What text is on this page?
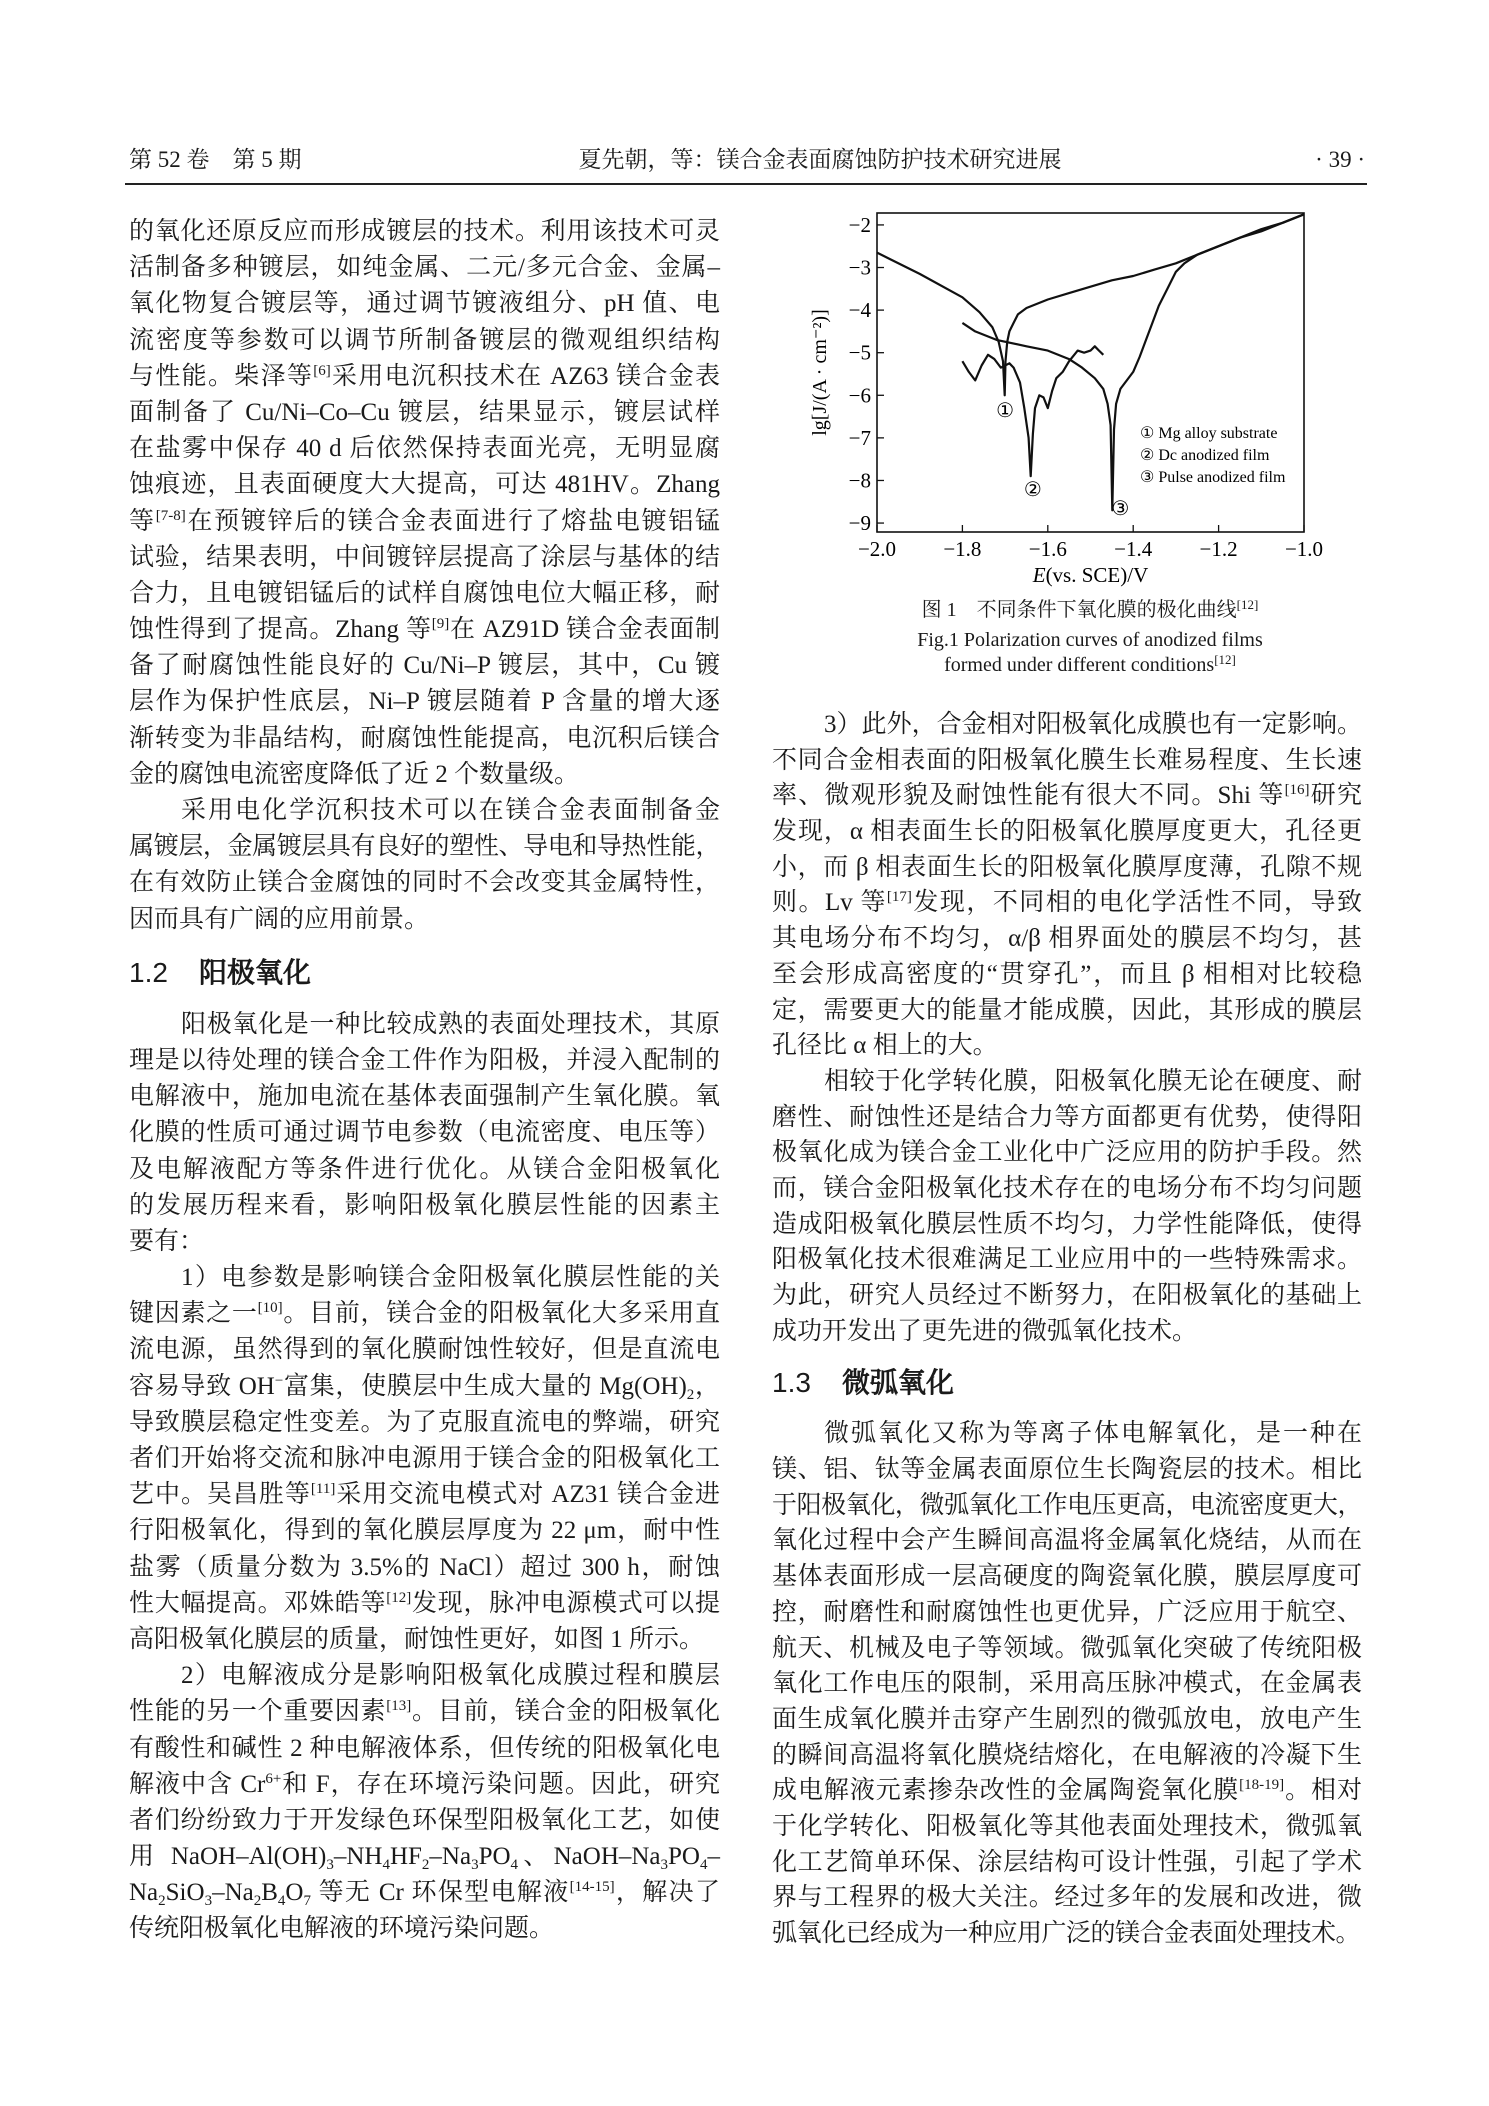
第 52 卷　第 5 期	夏先朝，等：镁合金表面腐蚀防护技术研究进展	· 39 ·
的氧化还原反应而形成镀层的技术。利用该技术可灵
活制备多种镀层，如纯金属、二元/多元合金、金属–
氧化物复合镀层等，通过调节镀液组分、pH 值、电
流密度等参数可以调节所制备镀层的微观组织结构
与性能。柴泽等[6]采用电沉积技术在 AZ63 镁合金表
面制备了 Cu/Ni–Co–Cu 镀层，结果显示，镀层试样
在盐雾中保存 40 d 后依然保持表面光亮，无明显腐
蚀痕迹，且表面硬度大大提高，可达 481HV。Zhang
等[7-8]在预镀锌后的镁合金表面进行了熔盐电镀铝锰
试验，结果表明，中间镀锌层提高了涂层与基体的结
合力，且电镀铝锰后的试样自腐蚀电位大幅正移，耐
蚀性得到了提高。Zhang 等[9]在 AZ91D 镁合金表面制
备了耐腐蚀性能良好的 Cu/Ni–P 镀层，其中，Cu 镀
层作为保护性底层，Ni–P 镀层随着 P 含量的增大逐
渐转变为非晶结构，耐腐蚀性能提高，电沉积后镁合
金的腐蚀电流密度降低了近 2 个数量级。
采用电化学沉积技术可以在镁合金表面制备金
属镀层，金属镀层具有良好的塑性、导电和导热性能，
在有效防止镁合金腐蚀的同时不会改变其金属特性，
因而具有广阔的应用前景。
1.2 阳极氧化
阳极氧化是一种比较成熟的表面处理技术，其原
理是以待处理的镁合金工件作为阳极，并浸入配制的
电解液中，施加电流在基体表面强制产生氧化膜。氧
化膜的性质可通过调节电参数（电流密度、电压等）
及电解液配方等条件进行优化。从镁合金阳极氧化
的发展历程来看，影响阳极氧化膜层性能的因素主
要有：
1）电参数是影响镁合金阳极氧化膜层性能的关
键因素之一[10]。目前，镁合金的阳极氧化大多采用直
流电源，虽然得到的氧化膜耐蚀性较好，但是直流电
容易导致 OH−富集，使膜层中生成大量的 $Mg(OH)_2$，
导致膜层稳定性变差。为了克服直流电的弊端，研究
者们开始将交流和脉冲电源用于镁合金的阳极氧化工
艺中。吴昌胜等[11]采用交流电模式对 AZ31 镁合金进
行阳极氧化，得到的氧化膜层厚度为 22 μm，耐中性
盐雾（质量分数为 3.5%的 NaCl）超过 300 h，耐蚀
性大幅提高。邓姝皓等[12]发现，脉冲电源模式可以提
高阳极氧化膜层的质量，耐蚀性更好，如图 1 所示。
2）电解液成分是影响阳极氧化成膜过程和膜层
性能的另一个重要因素[13]。目前，镁合金的阳极氧化
有酸性和碱性 2 种电解液体系，但传统的阳极氧化电
解液中含 $Cr^{6+}$和 F，存在环境污染问题。因此，研究
者们纷纷致力于开发绿色环保型阳极氧化工艺，如使
用 NaOH–$Al(OH)_3-NH_4HF_2-Na_3PO_4$、NaOH–$Na_3PO_4-$
$Na_2SiO_3-Na_2B_4O_7$ 等无 Cr 环保型电解液[14-15]，解决了
传统阳极氧化电解液的环境污染问题。
3）此外，合金相对阳极氧化成膜也有一定影响。
不同合金相表面的阳极氧化膜生长难易程度、生长速
率、微观形貌及耐蚀性能有很大不同。Shi 等[16]研究
发现，α 相表面生长的阳极氧化膜厚度更大，孔径更
小，而 β 相表面生长的阳极氧化膜厚度薄，孔隙不规
则。Lv 等[17]发现，不同相的电化学活性不同，导致
其电场分布不均匀，α/β 相界面处的膜层不均匀，甚
至会形成高密度的“贯穿孔”，而且 β 相相对比较稳
定，需要更大的能量才能成膜，因此，其形成的膜层
孔径比 α 相上的大。
相较于化学转化膜，阳极氧化膜无论在硬度、耐
磨性、耐蚀性还是结合力等方面都更有优势，使得阳
极氧化成为镁合金工业化中广泛应用的防护手段。然
而，镁合金阳极氧化技术存在的电场分布不均匀问题
造成阳极氧化膜层性质不均匀，力学性能降低，使得
阳极氧化技术很难满足工业应用中的一些特殊需求。
为此，研究人员经过不断努力，在阳极氧化的基础上
成功开发出了更先进的微弧氧化技术。
1.3 微弧氧化
微弧氧化又称为等离子体电解氧化，是一种在
镁、铝、钛等金属表面原位生长陶瓷层的技术。相比
于阳极氧化，微弧氧化工作电压更高，电流密度更大，
氧化过程中会产生瞬间高温将金属氧化烧结，从而在
基体表面形成一层高硬度的陶瓷氧化膜，膜层厚度可
控，耐磨性和耐腐蚀性也更优异，广泛应用于航空、
航天、机械及电子等领域。微弧氧化突破了传统阳极
氧化工作电压的限制，采用高压脉冲模式，在金属表
面生成氧化膜并击穿产生剧烈的微弧放电，放电产生
的瞬间高温将氧化膜烧结熔化，在电解液的冷凝下生
成电解液元素掺杂改性的金属陶瓷氧化膜[18-19]。相对
于化学转化、阳极氧化等其他表面处理技术，微弧氧
化工艺简单环保、涂层结构可设计性强，引起了学术
界与工程界的极大关注。经过多年的发展和改进，微
弧氧化已经成为一种应用广泛的镁合金表面处理技术。
−2.0 −1.8 −1.6 −1.4 −1.2 −1.0
−2
−3
−4
−5
−6
−7
−8
−9
E(vs. SCE)/V
lg[J/(A · cm⁻²)]	①
① Mg alloy substrate
②
② Dc anodized film
③
③ Pulse anodized film
图 1　不同条件下氧化膜的极化曲线[12]
Fig.1 Polarization curves of anodized films
formed under different conditions[12]
